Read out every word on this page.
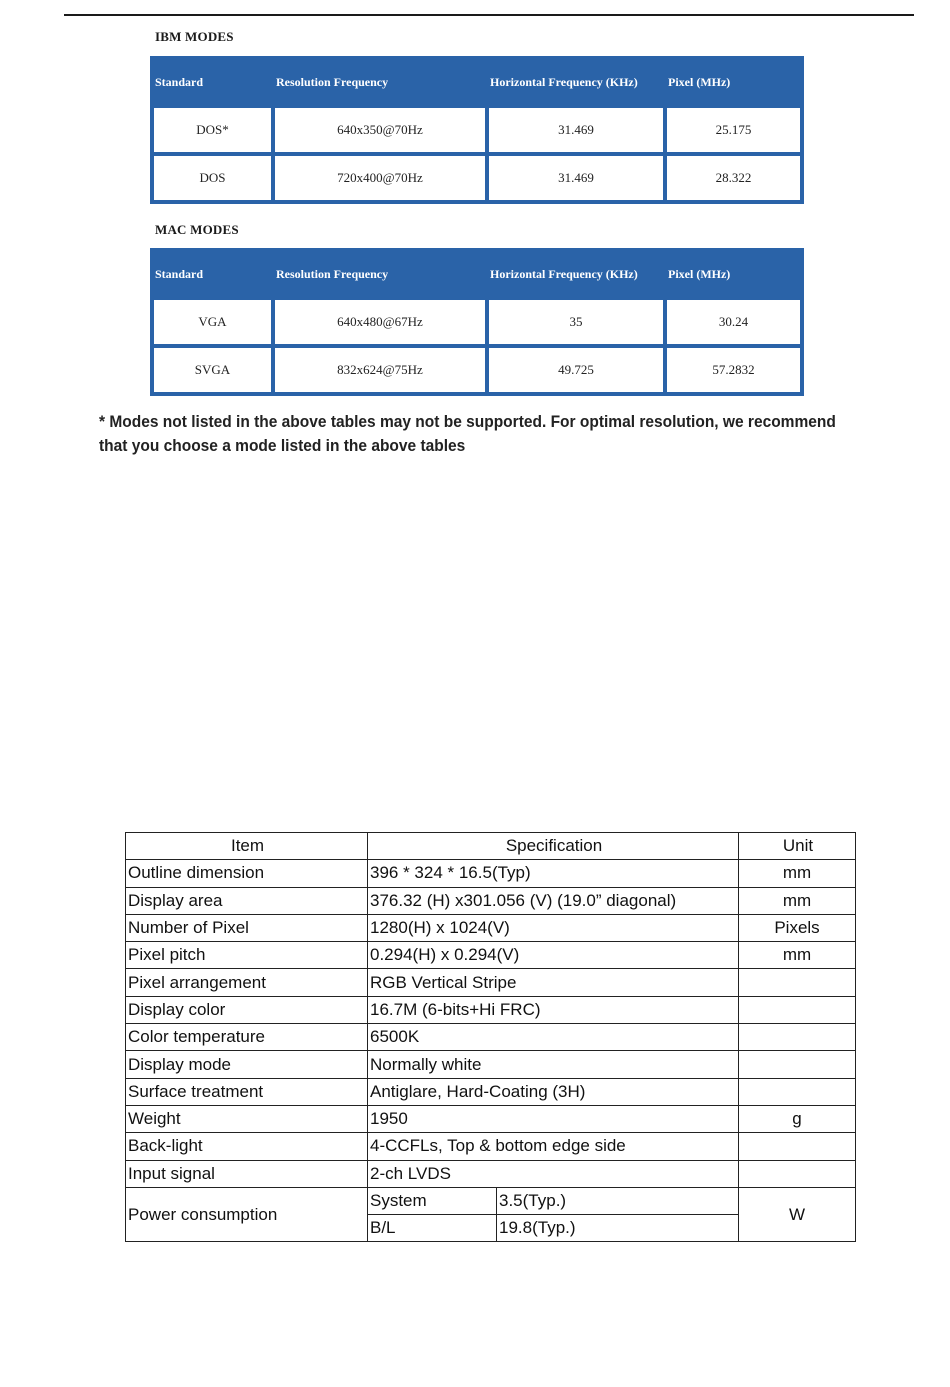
IBM MODES
Standard	Resolution Frequency	Horizontal Frequency (KHz)	Pixel (MHz)
DOS*	640x350@70Hz	31.469	25.175
DOS	720x400@70Hz	31.469	28.322
MAC MODES
Standard	Resolution Frequency	Horizontal Frequency (KHz)	Pixel (MHz)
VGA	640x480@67Hz	35	30.24
SVGA	832x624@75Hz	49.725	57.2832
* Modes not listed in the above tables may not be supported. For optimal resolution, we recommend that you choose a mode listed in the above tables
Item	Specification		Unit
Outline dimension	396 * 324 * 16.5(Typ)		mm
Display area	376.32 (H) x301.056 (V) (19.0” diagonal)		mm
Number of Pixel	1280(H) x 1024(V)		Pixels
Pixel pitch	0.294(H) x 0.294(V)		mm
Pixel arrangement	RGB Vertical Stripe		
Display color	16.7M (6-bits+Hi FRC)		
Color temperature	6500K		
Display mode	Normally white		
Surface treatment	Antiglare, Hard-Coating (3H)		
Weight	1950		g
Back-light	4-CCFLs, Top & bottom edge side		
Input signal	2-ch LVDS		
Power consumption	System	3.5(Typ.)	W
	B/L	19.8(Typ.)	
